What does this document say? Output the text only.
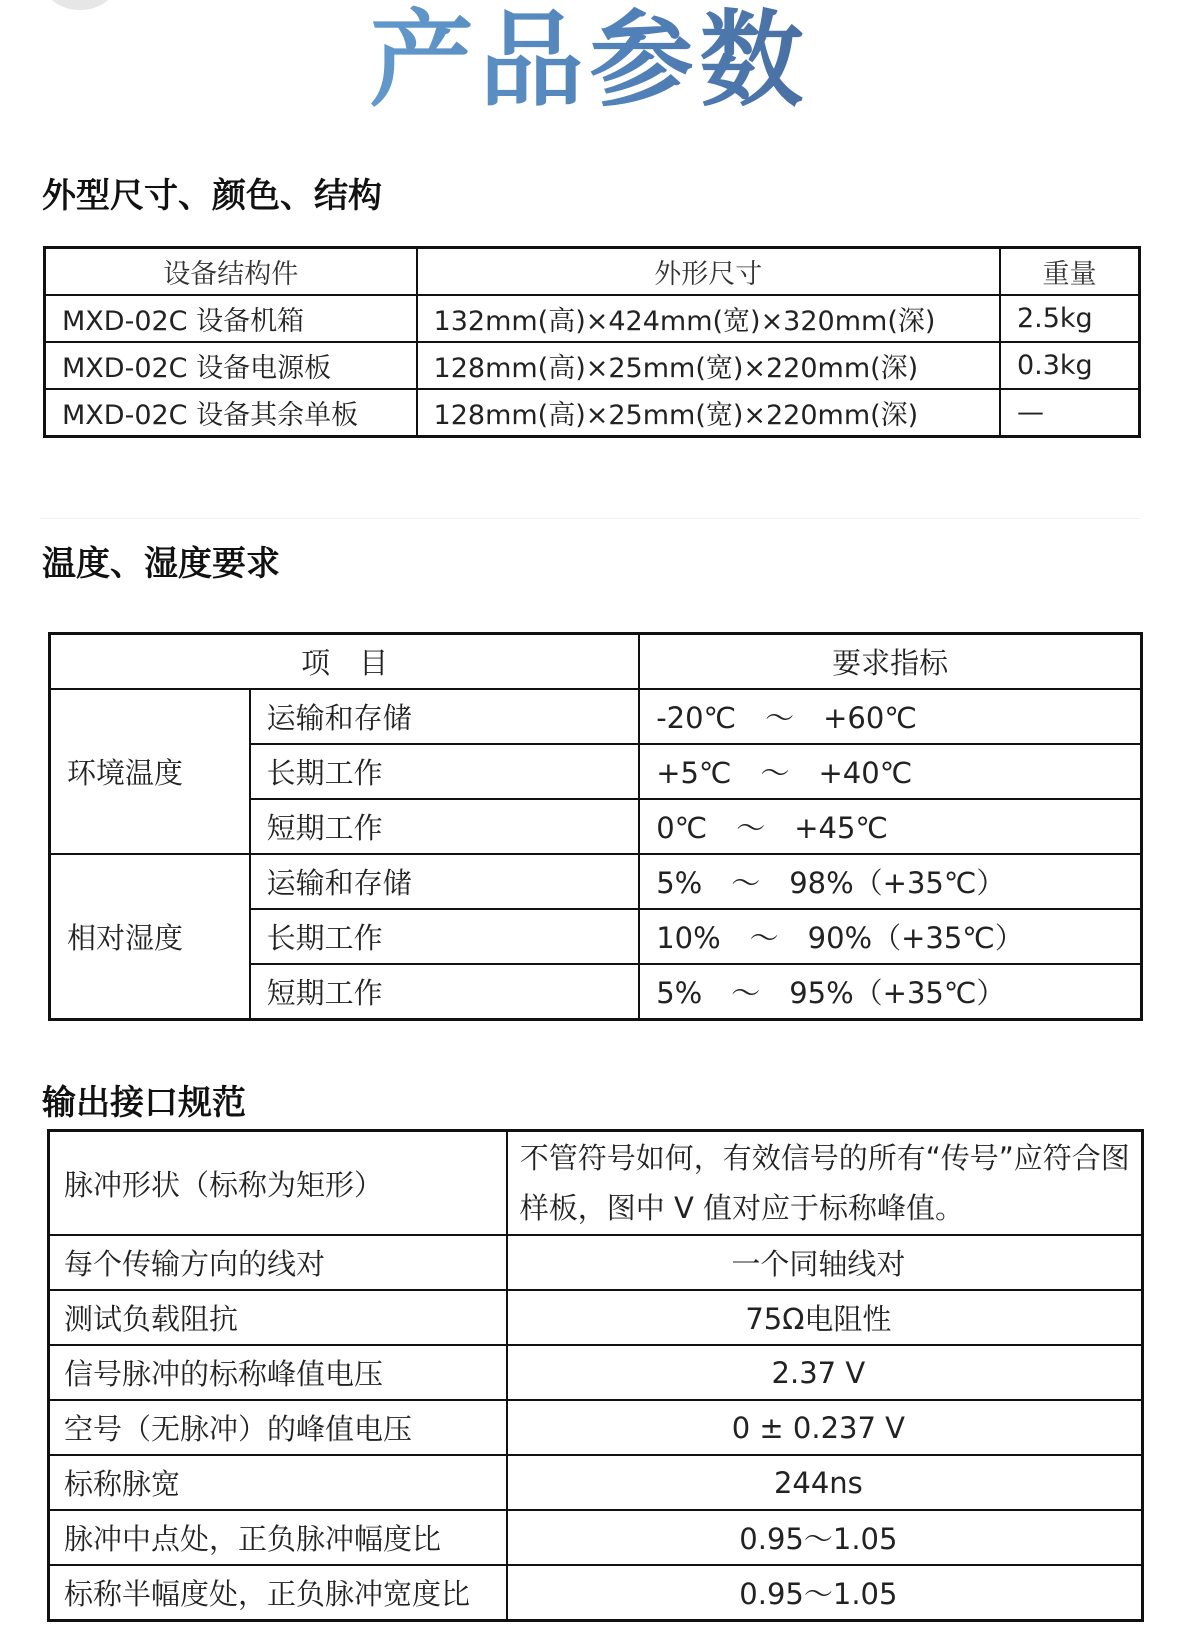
产品参数
外型尺寸、颜色、结构
设备结构件	外形尺寸	重量
MXD-02C 设备机箱	132mm(高)×424mm(宽)×320mm(深)	2.5kg
MXD-02C 设备电源板	128mm(高)×25mm(宽)×220mm(深)	0.3kg
MXD-02C 设备其余单板	128mm(高)×25mm(宽)×220mm(深)	—
温度、湿度要求
项　目		要求指标
环境温度	运输和存储	-20℃　～　+60℃
	长期工作	+5℃　～　+40℃
	短期工作	0℃　～　+45℃
相对湿度	运输和存储	5%　～　98%（+35℃）
	长期工作	10%　～　90%（+35℃）
	短期工作	5%　～　95%（+35℃）
输出接口规范
脉冲形状（标称为矩形）	不管符号如何，有效信号的所有“传号”应符合图样板，图中 V 值对应于标称峰值。
每个传输方向的线对	一个同轴线对
测试负载阻抗	75Ω电阻性
信号脉冲的标称峰值电压	2.37 V
空号（无脉冲）的峰值电压	0 ± 0.237 V
标称脉宽	244ns
脉冲中点处，正负脉冲幅度比	0.95～1.05
标称半幅度处，正负脉冲宽度比	0.95～1.05
